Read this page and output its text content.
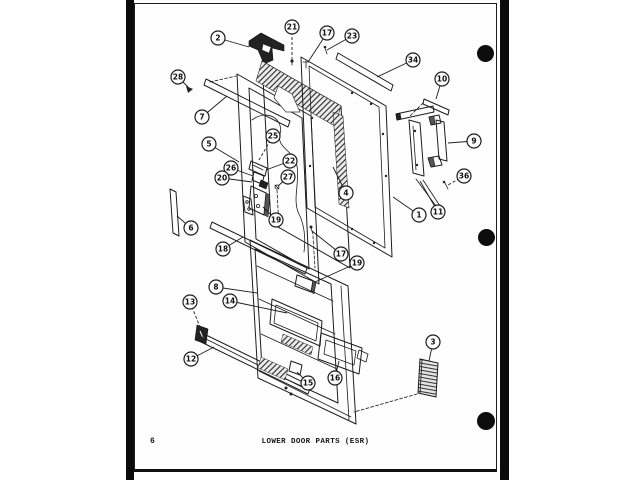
2
21
17 23
34
28
7
5
25
22
26
20	27
19
6
4
10
9
36
11
1
18
17
19
8
14
13
12
15
16
3
6	LOWER DOOR PARTS (ESR)
